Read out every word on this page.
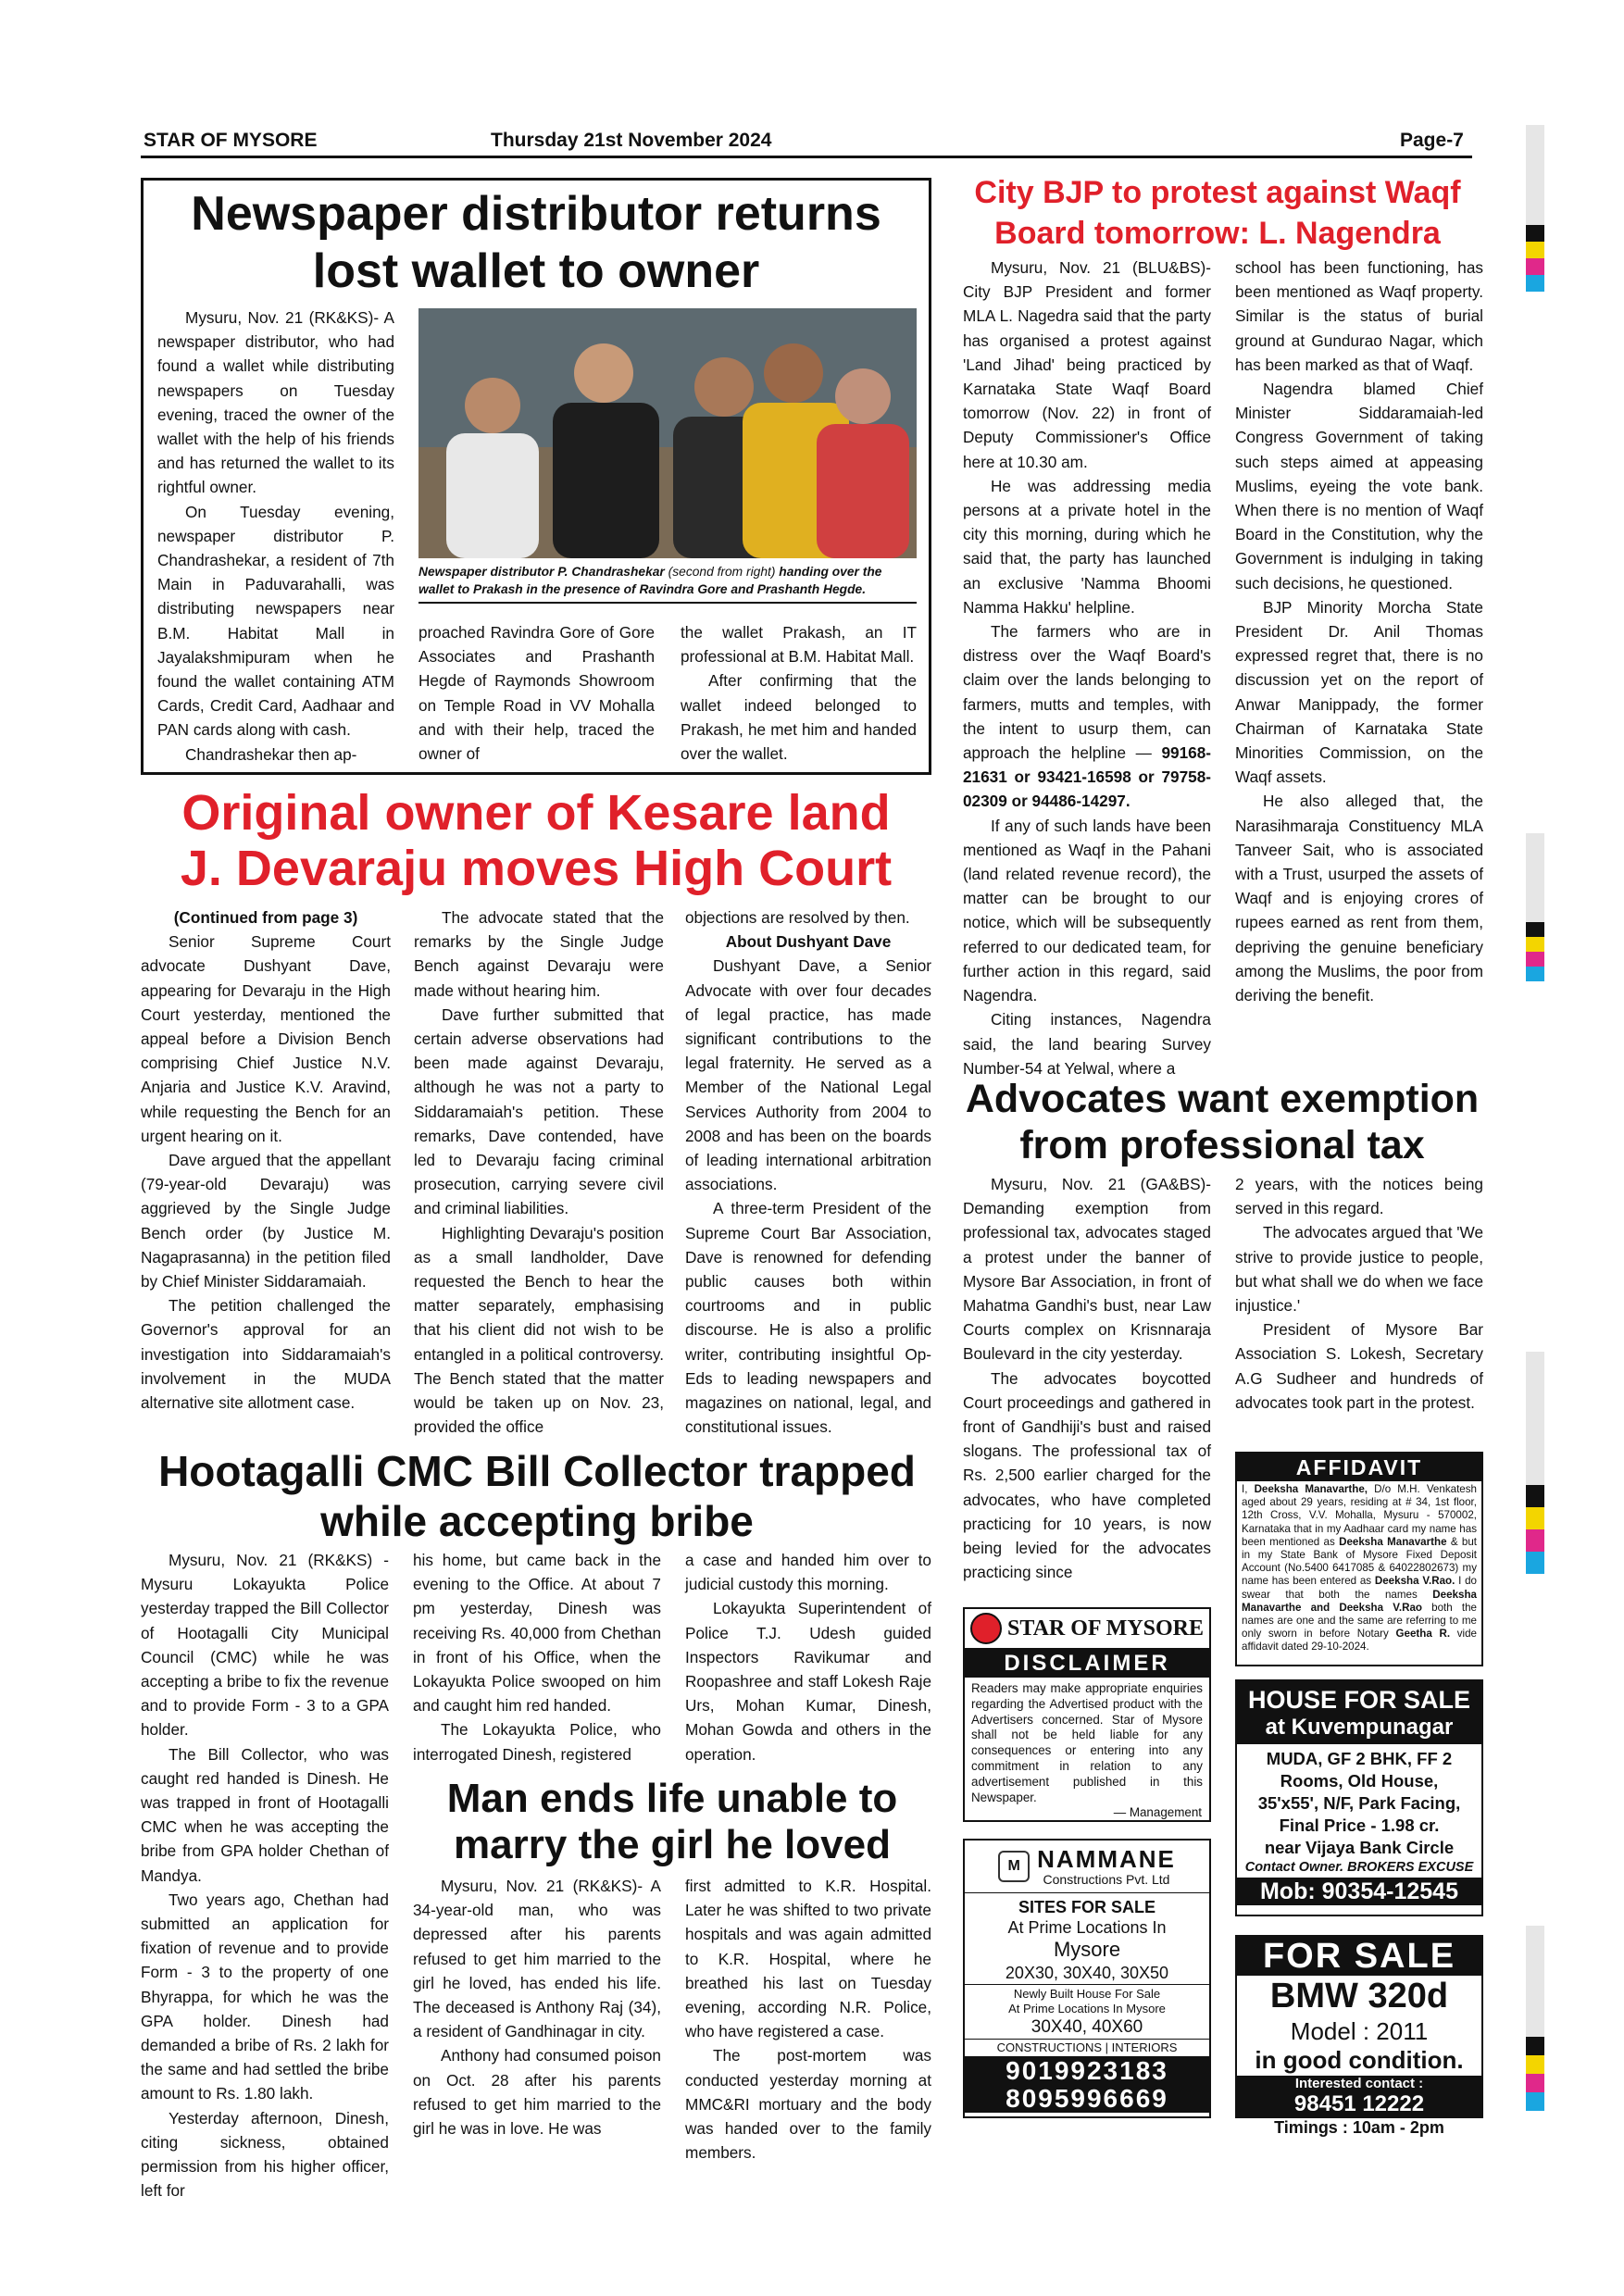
STAR OF MYSORE	Thursday 21st November 2024	Page-7
Newspaper distributor returns
lost wallet to owner

Mysuru, Nov. 21 (RK&KS)- A newspaper distributor, who had found a wallet while distributing newspapers on Tuesday evening, traced the owner of the wallet with the help of his friends and has returned the wallet to its rightful owner.

On Tuesday evening, newspaper distributor P. Chandrashekar, a resident of 7th Main in Paduvarahalli, was distributing newspapers near B.M. Habitat Mall in Jayalakshmipuram when he found the wallet containing ATM Cards, Credit Card, Aadhaar and PAN cards along with cash.

Chandrashekar then ap-

Newspaper distributor P. Chandrashekar (second from right) handing over the wallet to Prakash in the presence of Ravindra Gore and Prashanth Hegde.

proached Ravindra Gore of Gore Associates and Prashanth Hegde of Raymonds Showroom on Temple Road in VV Mohalla and with their help, traced the owner of

the wallet Prakash, an IT professional at B.M. Habitat Mall.

After confirming that the wallet indeed belonged to Prakash, he met him and handed over the wallet.

Original owner of Kesare land
J. Devaraju moves High Court

(Continued from page 3)

Senior Supreme Court advocate Dushyant Dave, appearing for Devaraju in the High Court yesterday, mentioned the appeal before a Division Bench comprising Chief Justice N.V. Anjaria and Justice K.V. Aravind, while requesting the Bench for an urgent hearing on it.

Dave argued that the appellant (79-year-old Devaraju) was aggrieved by the Single Judge Bench order (by Justice M. Nagaprasanna) in the petition filed by Chief Minister Siddaramaiah.

The petition challenged the Governor's approval for an investigation into Siddaramaiah's involvement in the MUDA alternative site allotment case.

The advocate stated that the remarks by the Single Judge Bench against Devaraju were made without hearing him.

Dave further submitted that certain adverse observations had been made against Devaraju, although he was not a party to Siddaramaiah's petition. These remarks, Dave contended, have led to Devaraju facing criminal prosecution, carrying severe civil and criminal liabilities.

Highlighting Devaraju's position as a small landholder, Dave requested the Bench to hear the matter separately, emphasising that his client did not wish to be entangled in a political controversy. The Bench stated that the matter would be taken up on Nov. 23, provided the office

objections are resolved by then.

About Dushyant Dave

Dushyant Dave, a Senior Advocate with over four decades of legal practice, has made significant contributions to the legal fraternity. He served as a Member of the National Legal Services Authority from 2004 to 2008 and has been on the boards of leading international arbitration associations.

A three-term President of the Supreme Court Bar Association, Dave is renowned for defending public causes both within courtrooms and in public discourse. He is also a prolific writer, contributing insightful Op-Eds to leading newspapers and magazines on national, legal, and constitutional issues.

Hootagalli CMC Bill Collector trapped
while accepting bribe

Mysuru, Nov. 21 (RK&KS) - Mysuru Lokayukta Police yesterday trapped the Bill Collector of Hootagalli City Municipal Council (CMC) while he was accepting a bribe to fix the revenue and to provide Form - 3 to a GPA holder.

The Bill Collector, who was caught red handed is Dinesh. He was trapped in front of Hootagalli CMC when he was accepting the bribe from GPA holder Chethan of Mandya.

Two years ago, Chethan had submitted an application for fixation of revenue and to provide Form - 3 to the property of one Bhyrappa, for which he was the GPA holder. Dinesh had demanded a bribe of Rs. 2 lakh for the same and had settled the bribe amount to Rs. 1.80 lakh.

Yesterday afternoon, Dinesh, citing sickness, obtained permission from his higher officer, left for

his home, but came back in the evening to the Office. At about 7 pm yesterday, Dinesh was receiving Rs. 40,000 from Chethan in front of his Office, when the Lokayukta Police swooped on him and caught him red handed.

The Lokayukta Police, who interrogated Dinesh, registered

a case and handed him over to judicial custody this morning.

Lokayukta Superintendent of Police T.J. Udesh guided Inspectors Ravikumar and Roopashree and staff Lokesh Raje Urs, Mohan Kumar, Dinesh, Mohan Gowda and others in the operation.

Man ends life unable to
marry the girl he loved

Mysuru, Nov. 21 (RK&KS)- A 34-year-old man, who was depressed after his parents refused to get him married to the girl he loved, has ended his life. The deceased is Anthony Raj (34), a resident of Gandhinagar in city.

Anthony had consumed poison on Oct. 28 after his parents refused to get him married to the girl he was in love. He was

first admitted to K.R. Hospital. Later he was shifted to two private hospitals and was again admitted to K.R. Hospital, where he breathed his last on Tuesday evening, according N.R. Police, who have registered a case.

The post-mortem was conducted yesterday morning at MMC&RI mortuary and the body was handed over to the family members.

City BJP to protest against Waqf
Board tomorrow: L. Nagendra

Mysuru, Nov. 21 (BLU&BS)- City BJP President and former MLA L. Nagedra said that the party has organised a protest against 'Land Jihad' being practiced by Karnataka State Waqf Board tomorrow (Nov. 22) in front of Deputy Commissioner's Office here at 10.30 am.

He was addressing media persons at a private hotel in the city this morning, during which he said that, the party has launched an exclusive 'Namma Bhoomi Namma Hakku' helpline.

The farmers who are in distress over the Waqf Board's claim over the lands belonging to farmers, mutts and temples, with the intent to usurp them, can approach the helpline — 99168-21631 or 93421-16598 or 79758-02309 or 94486-14297.

If any of such lands have been mentioned as Waqf in the Pahani (land related revenue record), the matter can be brought to our notice, which will be subsequently referred to our dedicated team, for further action in this regard, said Nagendra.

Citing instances, Nagendra said, the land bearing Survey Number-54 at Yelwal, where a

school has been functioning, has been mentioned as Waqf property. Similar is the status of burial ground at Gundurao Nagar, which has been marked as that of Waqf.

Nagendra blamed Chief Minister Siddaramaiah-led Congress Government of taking such steps aimed at appeasing Muslims, eyeing the vote bank. When there is no mention of Waqf Board in the Constitution, why the Government is indulging in taking such decisions, he questioned.

BJP Minority Morcha State President Dr. Anil Thomas expressed regret that, there is no discussion yet on the report of Anwar Manippady, the former Chairman of Karnataka State Minorities Commission, on the Waqf assets.

He also alleged that, the Narasihmaraja Constituency MLA Tanveer Sait, who is associated with a Trust, usurped the assets of Waqf and is enjoying crores of rupees earned as rent from them, depriving the genuine beneficiary among the Muslims, the poor from deriving the benefit.

Advocates want exemption
from professional tax

Mysuru, Nov. 21 (GA&BS)- Demanding exemption from professional tax, advocates staged a protest under the banner of Mysore Bar Association, in front of Mahatma Gandhi's bust, near Law Courts complex on Krisnnaraja Boulevard in the city yesterday.

The advocates boycotted Court proceedings and gathered in front of Gandhiji's bust and raised slogans. The professional tax of Rs. 2,500 earlier charged for the advocates, who have completed practicing for 10 years, is now being levied for the advocates practicing since

2 years, with the notices being served in this regard.

The advocates argued that 'We strive to provide justice to people, but what shall we do when we face injustice.'

President of Mysore Bar Association S. Lokesh, Secretary A.G Sudheer and hundreds of advocates took part in the protest.

AFFIDAVIT
I, Deeksha Manavarthe, D/o M.H. Venkatesh aged about 29 years, residing at # 34, 1st floor, 12th Cross, V.V. Mohalla, Mysuru - 570002, Karnataka that in my Aadhaar card my name has been mentioned as Deeksha Manavarthe & but in my State Bank of Mysore Fixed Deposit Account (No.5400 6417085 & 64022802673) my name has been entered as Deeksha V.Rao. I do swear that both the names Deeksha Manavarthe and Deeksha V.Rao both the names are one and the same are referring to me only sworn in before Notary Geetha R. vide affidavit dated 29-10-2024.
STAR OF MYSORE
DISCLAIMER
Readers may make appropriate enquiries regarding the Advertised product with the Advertisers concerned. Star of Mysore shall not be held liable for any consequences or entering into any commitment in relation to any advertisement published in this Newspaper.
— Management
M NAMMANE
Constructions Pvt. Ltd
SITES FOR SALE
At Prime Locations In
Mysore
20X30, 30X40, 30X50
Newly Built House For Sale
At Prime Locations In Mysore
30X40, 40X60
CONSTRUCTIONS | INTERIORS
9019923183
8095996669
HOUSE FOR SALE
at Kuvempunagar
MUDA, GF 2 BHK, FF 2
Rooms, Old House,
35'x55', N/F, Park Facing,
Final Price - 1.98 cr.
near Vijaya Bank Circle
Contact Owner. BROKERS EXCUSE
Mob: 90354-12545
FOR SALE
BMW 320d
Model : 2011
in good condition.
Interested contact :
98451 12222
Timings : 10am - 2pm
